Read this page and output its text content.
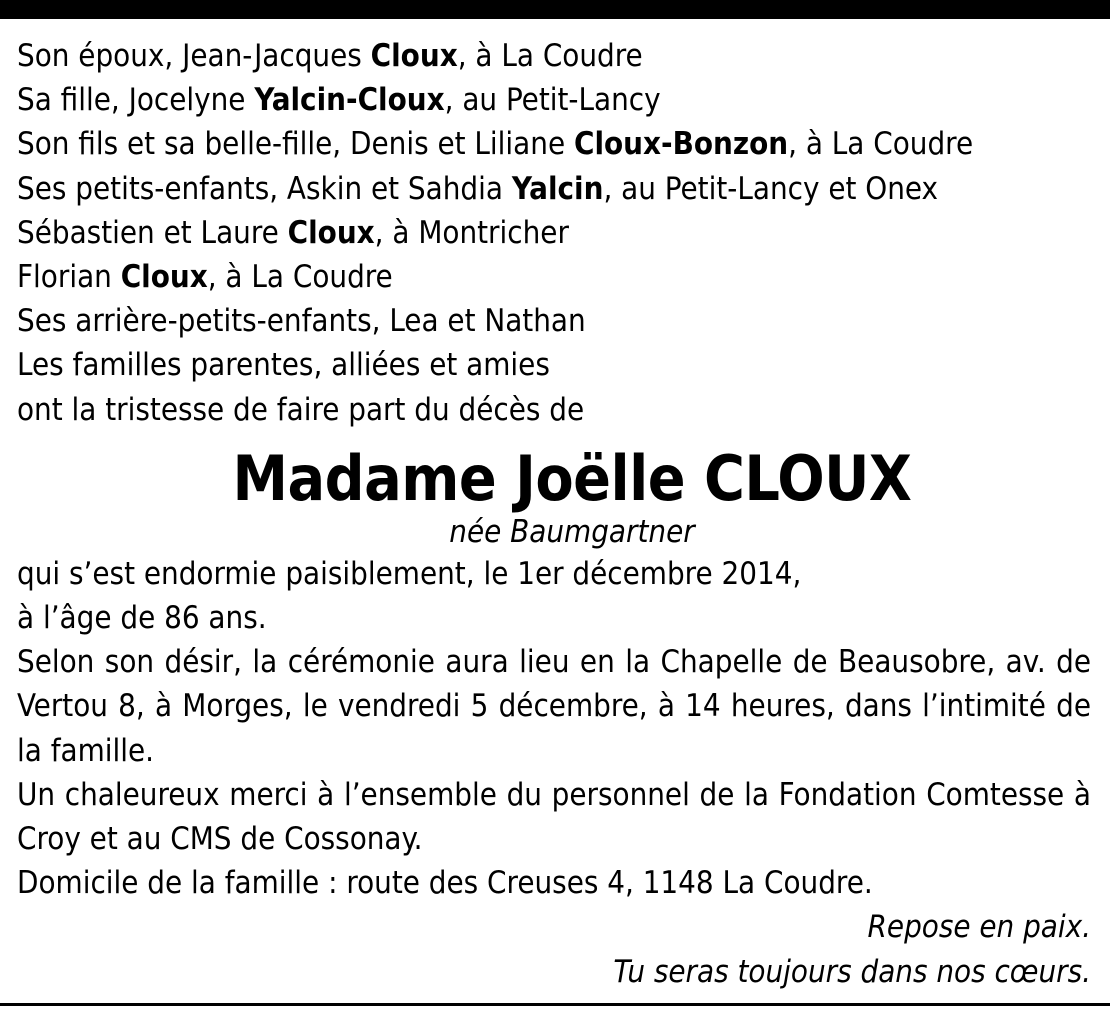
Son époux, Jean-Jacques Cloux, à La Coudre
Sa fille, Jocelyne Yalcin-Cloux, au Petit-Lancy
Son fils et sa belle-fille, Denis et Liliane Cloux-Bonzon, à La Coudre
Ses petits-enfants, Askin et Sahdia Yalcin, au Petit-Lancy et Onex
Sébastien et Laure Cloux, à Montricher
Florian Cloux, à La Coudre
Ses arrière-petits-enfants, Lea et Nathan
Les familles parentes, alliées et amies
ont la tristesse de faire part du décès de
Madame Joëlle CLOUX
née Baumgartner
qui s’est endormie paisiblement, le 1er décembre 2014,
à l’âge de 86 ans.
Selon son désir, la cérémonie aura lieu en la Chapelle de Beausobre, av. de Vertou 8, à Morges, le vendredi 5 décembre, à 14 heures, dans l’intimité de la famille.
Un chaleureux merci à l’ensemble du personnel de la Fondation Comtesse à Croy et au CMS de Cossonay.
Domicile de la famille : route des Creuses 4, 1148 La Coudre.
Repose en paix.
Tu seras toujours dans nos cœurs.
